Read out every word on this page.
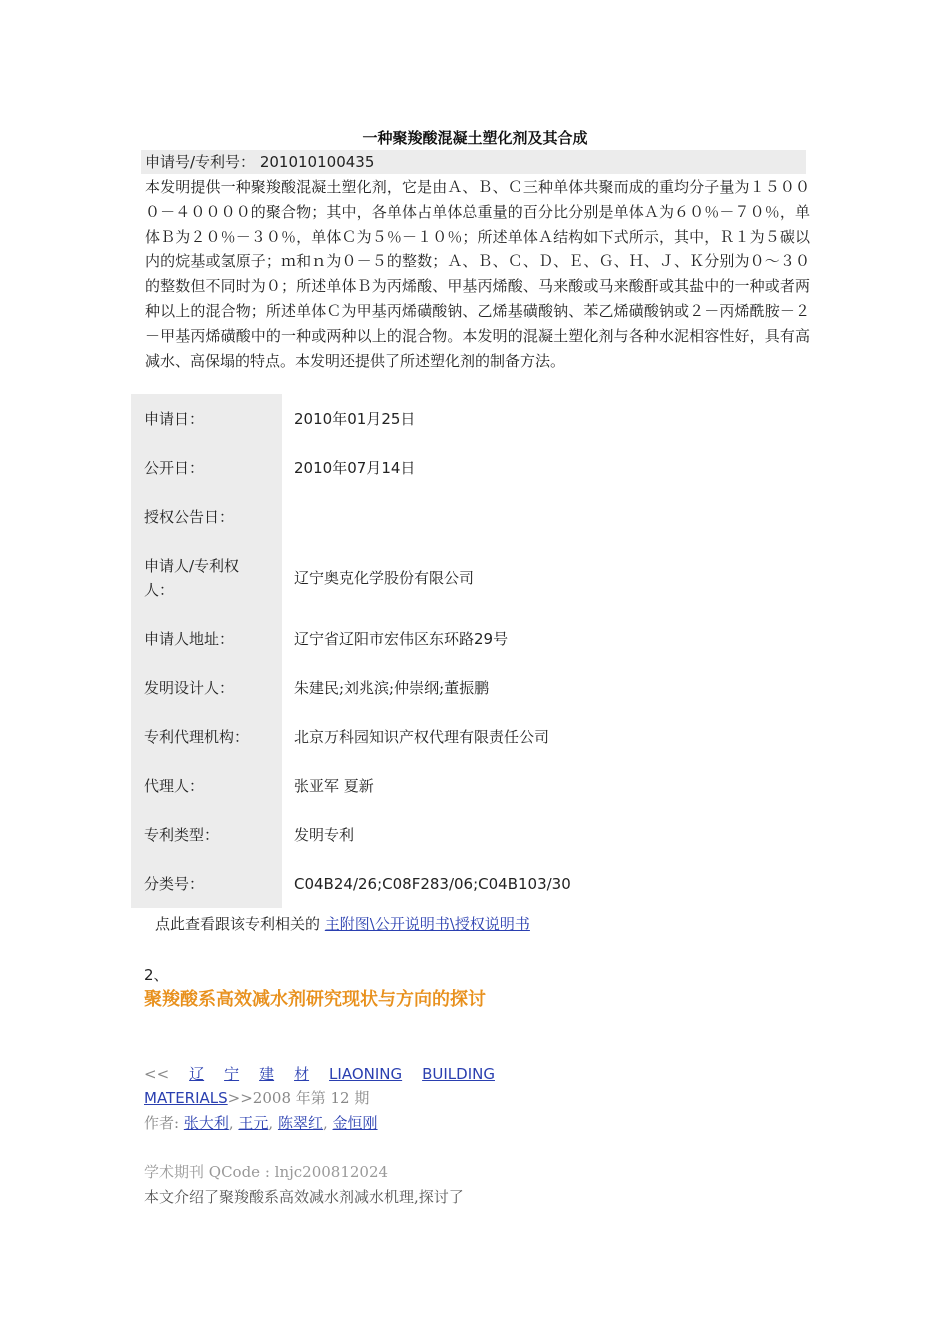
一种聚羧酸混凝土塑化剂及其合成
申请号/专利号： 201010100435
本发明提供一种聚羧酸混凝土塑化剂，它是由Ａ、Ｂ、Ｃ三种单体共聚而成的重均分子量为１５０００－４００００的聚合物；其中，各单体占单体总重量的百分比分别是单体Ａ为６０％－７０％，单体Ｂ为２０％－３０％，单体Ｃ为５％－１０％；所述单体Ａ结构如下式所示，其中，Ｒ１为５碳以内的烷基或氢原子；ｍ和ｎ为０－５的整数；Ａ、Ｂ、Ｃ、Ｄ、Ｅ、Ｇ、Ｈ、Ｊ、Ｋ分别为０～３０的整数但不同时为０；所述单体Ｂ为丙烯酸、甲基丙烯酸、马来酸或马来酸酐或其盐中的一种或者两种以上的混合物；所述单体Ｃ为甲基丙烯磺酸钠、乙烯基磺酸钠、苯乙烯磺酸钠或２－丙烯酰胺－２－甲基丙烯磺酸中的一种或两种以上的混合物。本发明的混凝土塑化剂与各种水泥相容性好，具有高减水、高保塌的特点。本发明还提供了所述塑化剂的制备方法。
申请日：	2010年01月25日
公开日：	2010年07月14日
授权公告日：	
申请人/专利权人：	辽宁奥克化学股份有限公司
申请人地址：	辽宁省辽阳市宏伟区东环路29号
发明设计人：	朱建民;刘兆滨;仲崇纲;董振鹏
专利代理机构：	北京万科园知识产权代理有限责任公司
代理人：	张亚军 夏新
专利类型：	发明专利
分类号：	C04B24/26;C08F283/06;C04B103/30
点此查看跟该专利相关的 主附图\公开说明书\授权说明书
2、
聚羧酸系高效减水剂研究现状与方向的探讨
<< 辽 宁 建 材 LIAONING BUILDING
MATERIALS>>2008 年第 12 期
作者: 张大利, 王元, 陈翠红, 金恒刚
学术期刊 QCode : lnjc200812024
本文介绍了聚羧酸系高效减水剂减水机理,探讨了
